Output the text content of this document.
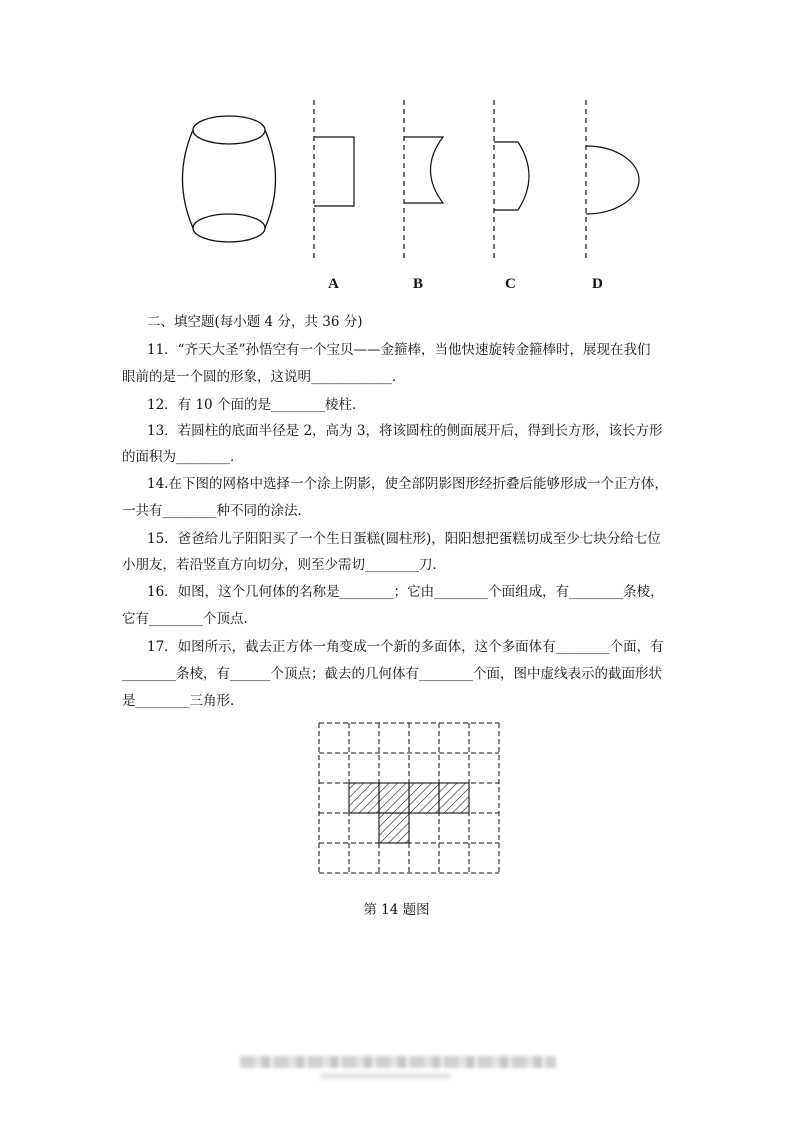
A	B	C	D
二、填空题(每小题 4 分，共 36 分)
11．“齐天大圣”孙悟空有一个宝贝——金箍棒，当他快速旋转金箍棒时，展现在我们
眼前的是一个圆的形象，这说明____________．
12．有 10 个面的是________棱柱．
13．若圆柱的底面半径是 2，高为 3，将该圆柱的侧面展开后，得到长方形，该长方形
的面积为________．
14.在下图的网格中选择一个涂上阴影，使全部阴影图形经折叠后能够形成一个正方体，
一共有________种不同的涂法．
15．爸爸给儿子阳阳买了一个生日蛋糕(圆柱形)，阳阳想把蛋糕切成至少七块分给七位
小朋友，若沿竖直方向切分，则至少需切________刀．
16．如图，这个几何体的名称是________；它由________个面组成，有________条棱，
它有________个顶点．
17．如图所示，截去正方体一角变成一个新的多面体，这个多面体有________个面，有
________条棱，有______个顶点；截去的几何体有________个面，图中虚线表示的截面形状
是________三角形．
第 14 题图
